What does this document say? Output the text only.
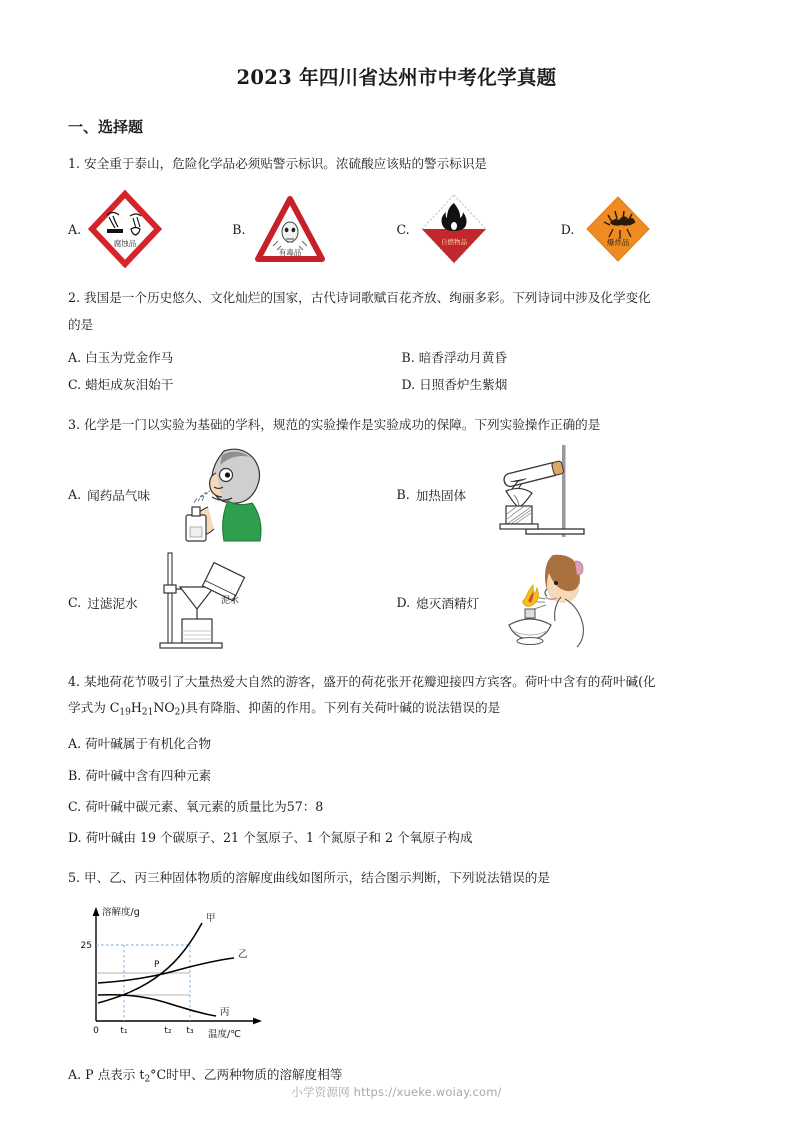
2023 年四川省达州市中考化学真题
一、选择题
1. 安全重于泰山，危险化学品必须贴警示标识。浓硫酸应该贴的警示标识是
A.
腐蚀品
B.
有毒品
C.
自燃物品
D.
爆炸品
2. 我国是一个历史悠久、文化灿烂的国家，古代诗词歌赋百花齐放、绚丽多彩。下列诗词中涉及化学变化
的是
A. 白玉为党金作马	B. 暗香浮动月黄昏
C. 蜡炬成灰泪始干	D. 日照香炉生紫烟
3. 化学是一门以实验为基础的学科，规范的实验操作是实验成功的保障。下列实验操作正确的是
A. 闻药品气味	B. 加热固体
C. 过滤泥水	泥水	D. 熄灭酒精灯
4. 某地荷花节吸引了大量热爱大自然的游客，盛开的荷花张开花瓣迎接四方宾客。荷叶中含有的荷叶碱(化
学式为 $C_{19}H_{21}NO_2$)具有降脂、抑菌的作用。下列有关荷叶碱的说法错误的是
A. 荷叶碱属于有机化合物
B. 荷叶碱中含有四种元素
C. 荷叶碱中碳元素、氧元素的质量比为57：8
D. 荷叶碱由 19 个碳原子、21 个氢原子、1 个氮原子和 2 个氧原子构成
5. 甲、乙、丙三种固体物质的溶解度曲线如图所示，结合图示判断，下列说法错误的是
溶解度/g
温度/℃
25
甲
乙
丙
P
0 t₁	t₂ t₃
A. P 点表示 $t_2^\circ C$时甲、乙两种物质的溶解度相等
小学资源网 https://xueke.woiay.com/
